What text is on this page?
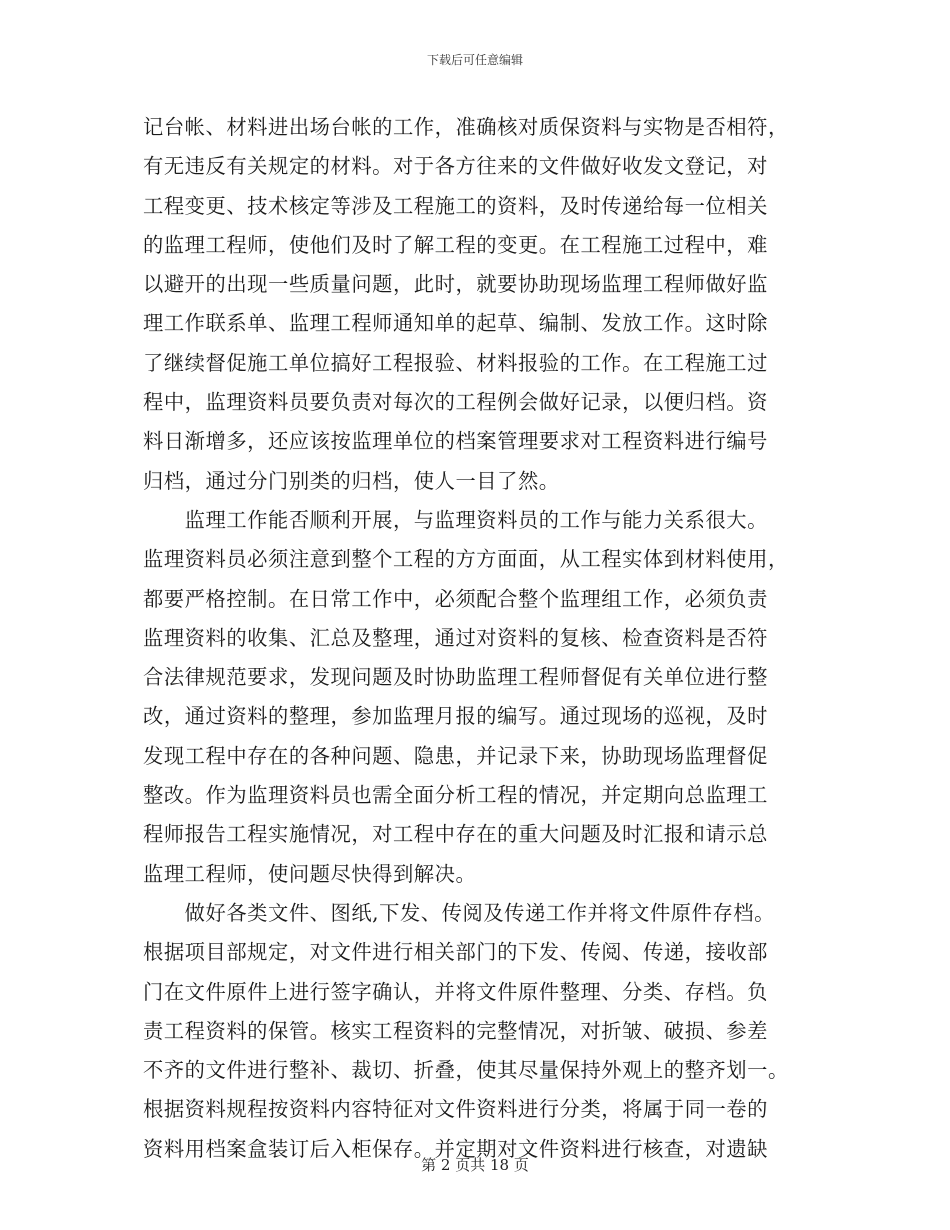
下载后可任意编辑
记台帐、材料进出场台帐的工作，准确核对质保资料与实物是否相符，
有无违反有关规定的材料。对于各方往来的文件做好收发文登记，对
工程变更、技术核定等涉及工程施工的资料，及时传递给每一位相关
的监理工程师，使他们及时了解工程的变更。在工程施工过程中，难
以避开的出现一些质量问题，此时，就要协助现场监理工程师做好监
理工作联系单、监理工程师通知单的起草、编制、发放工作。这时除
了继续督促施工单位搞好工程报验、材料报验的工作。在工程施工过
程中，监理资料员要负责对每次的工程例会做好记录，以便归档。资
料日渐增多，还应该按监理单位的档案管理要求对工程资料进行编号
归档，通过分门别类的归档，使人一目了然。
　　监理工作能否顺利开展，与监理资料员的工作与能力关系很大。
监理资料员必须注意到整个工程的方方面面，从工程实体到材料使用，
都要严格控制。在日常工作中，必须配合整个监理组工作，必须负责
监理资料的收集、汇总及整理，通过对资料的复核、检查资料是否符
合法律规范要求，发现问题及时协助监理工程师督促有关单位进行整
改，通过资料的整理，参加监理月报的编写。通过现场的巡视，及时
发现工程中存在的各种问题、隐患，并记录下来，协助现场监理督促
整改。作为监理资料员也需全面分析工程的情况，并定期向总监理工
程师报告工程实施情况，对工程中存在的重大问题及时汇报和请示总
监理工程师，使问题尽快得到解决。
　　做好各类文件、图纸,下发、传阅及传递工作并将文件原件存档。
根据项目部规定，对文件进行相关部门的下发、传阅、传递，接收部
门在文件原件上进行签字确认，并将文件原件整理、分类、存档。负
责工程资料的保管。核实工程资料的完整情况，对折皱、破损、参差
不齐的文件进行整补、裁切、折叠，使其尽量保持外观上的整齐划一。
根据资料规程按资料内容特征对文件资料进行分类，将属于同一卷的
资料用档案盒装订后入柜保存。并定期对文件资料进行核查，对遗缺
第 2 页共 18 页
